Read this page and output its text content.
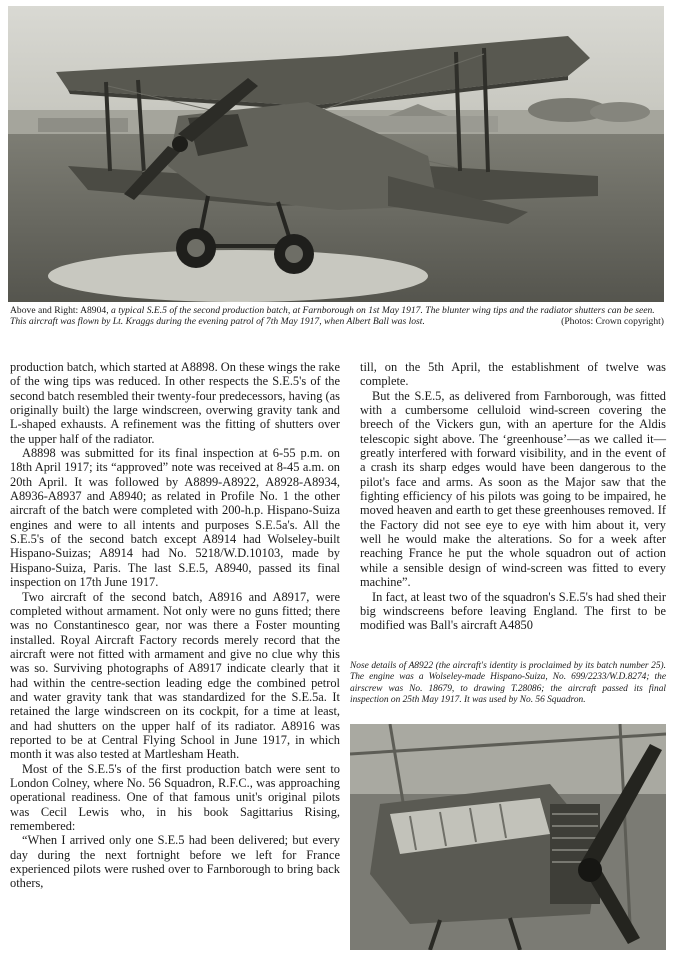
Above and Right: A8904, a typical S.E.5 of the second production batch, at Farnborough on 1st May 1917. The blunter wing tips and the radiator shutters can be seen. This aircraft was flown by Lt. Kraggs during the evening patrol of 7th May 1917, when Albert Ball was lost.	(Photos: Crown copyright)

production batch, which started at A8898. On these wings the rake of the wing tips was reduced. In other respects the S.E.5's of the second batch resembled their twenty-four predecessors, having (as originally built) the large windscreen, overwing gravity tank and L-shaped exhausts. A refinement was the fitting of shutters over the upper half of the radiator.

A8898 was submitted for its final inspection at 6-55 p.m. on 18th April 1917; its “approved” note was received at 8-45 a.m. on 20th April. It was followed by A8899-A8922, A8928-A8934, A8936-A8937 and A8940; as related in Profile No. 1 the other aircraft of the batch were completed with 200-h.p. Hispano-Suiza engines and were to all intents and purposes S.E.5a's. All the S.E.5's of the second batch except A8914 had Wolseley-built Hispano-Suizas; A8914 had No. 5218/W.D.10103, made by Hispano-Suiza, Paris. The last S.E.5, A8940, passed its final inspection on 17th June 1917.

Two aircraft of the second batch, A8916 and A8917, were completed without armament. Not only were no guns fitted; there was no Constantinesco gear, nor was there a Foster mounting installed. Royal Aircraft Factory records merely record that the aircraft were not fitted with armament and give no clue why this was so. Surviving photographs of A8917 indicate clearly that it had within the centre-section leading edge the combined petrol and water gravity tank that was standardized for the S.E.5a. It retained the large windscreen on its cockpit, for a time at least, and had shutters on the upper half of its radiator. A8916 was reported to be at Central Flying School in June 1917, in which month it was also tested at Martlesham Heath.

Most of the S.E.5's of the first production batch were sent to London Colney, where No. 56 Squadron, R.F.C., was approaching operational readiness. One of that famous unit's original pilots was Cecil Lewis who, in his book Sagittarius Rising, remembered:

“When I arrived only one S.E.5 had been delivered; but every day during the next fortnight before we left for France experienced pilots were rushed over to Farnborough to bring back others,

till, on the 5th April, the establishment of twelve was complete.

But the S.E.5, as delivered from Farnborough, was fitted with a cumbersome celluloid wind-screen covering the breech of the Vickers gun, with an aperture for the Aldis telescopic sight above. The ‘greenhouse’—as we called it—greatly interfered with forward visibility, and in the event of a crash its sharp edges would have been dangerous to the pilot's face and arms. As soon as the Major saw that the fighting efficiency of his pilots was going to be impaired, he moved heaven and earth to get these greenhouses removed. If the Factory did not see eye to eye with him about it, very well he would make the alterations. So for a week after reaching France he put the whole squadron out of action while a sensible design of wind-screen was fitted to every machine”.

In fact, at least two of the squadron's S.E.5's had shed their big windscreens before leaving England. The first to be modified was Ball's aircraft A4850

Nose details of A8922 (the aircraft's identity is proclaimed by its batch number 25). The engine was a Wolseley-made Hispano-Suiza, No. 699/2233/W.D.8274; the airscrew was No. 18679, to drawing T.28086; the aircraft passed its final inspection on 25th May 1917. It was used by No. 56 Squadron.
